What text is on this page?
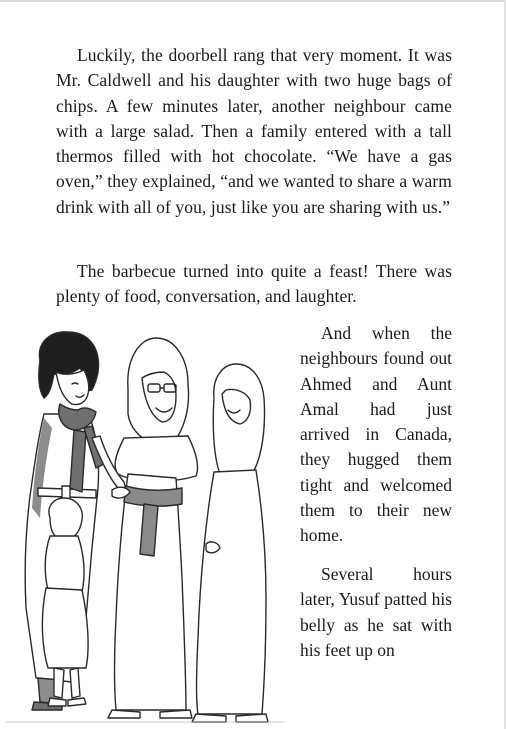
Luckily, the doorbell rang that very moment. It was Mr. Caldwell and his daughter with two huge bags of chips. A few minutes later, another neighbour came with a large salad. Then a family entered with a tall thermos filled with hot chocolate. “We have a gas oven,” they explained, “and we wanted to share a warm drink with all of you, just like you are sharing with us.”

The barbecue turned into quite a feast! There was plenty of food, conversation, and laughter.

And when the neighbours found out Ahmed and Aunt Amal had just arrived in Canada, they hugged them tight and welcomed them to their new home.

Several hours later, Yusuf patted his belly as he sat with his feet up on
